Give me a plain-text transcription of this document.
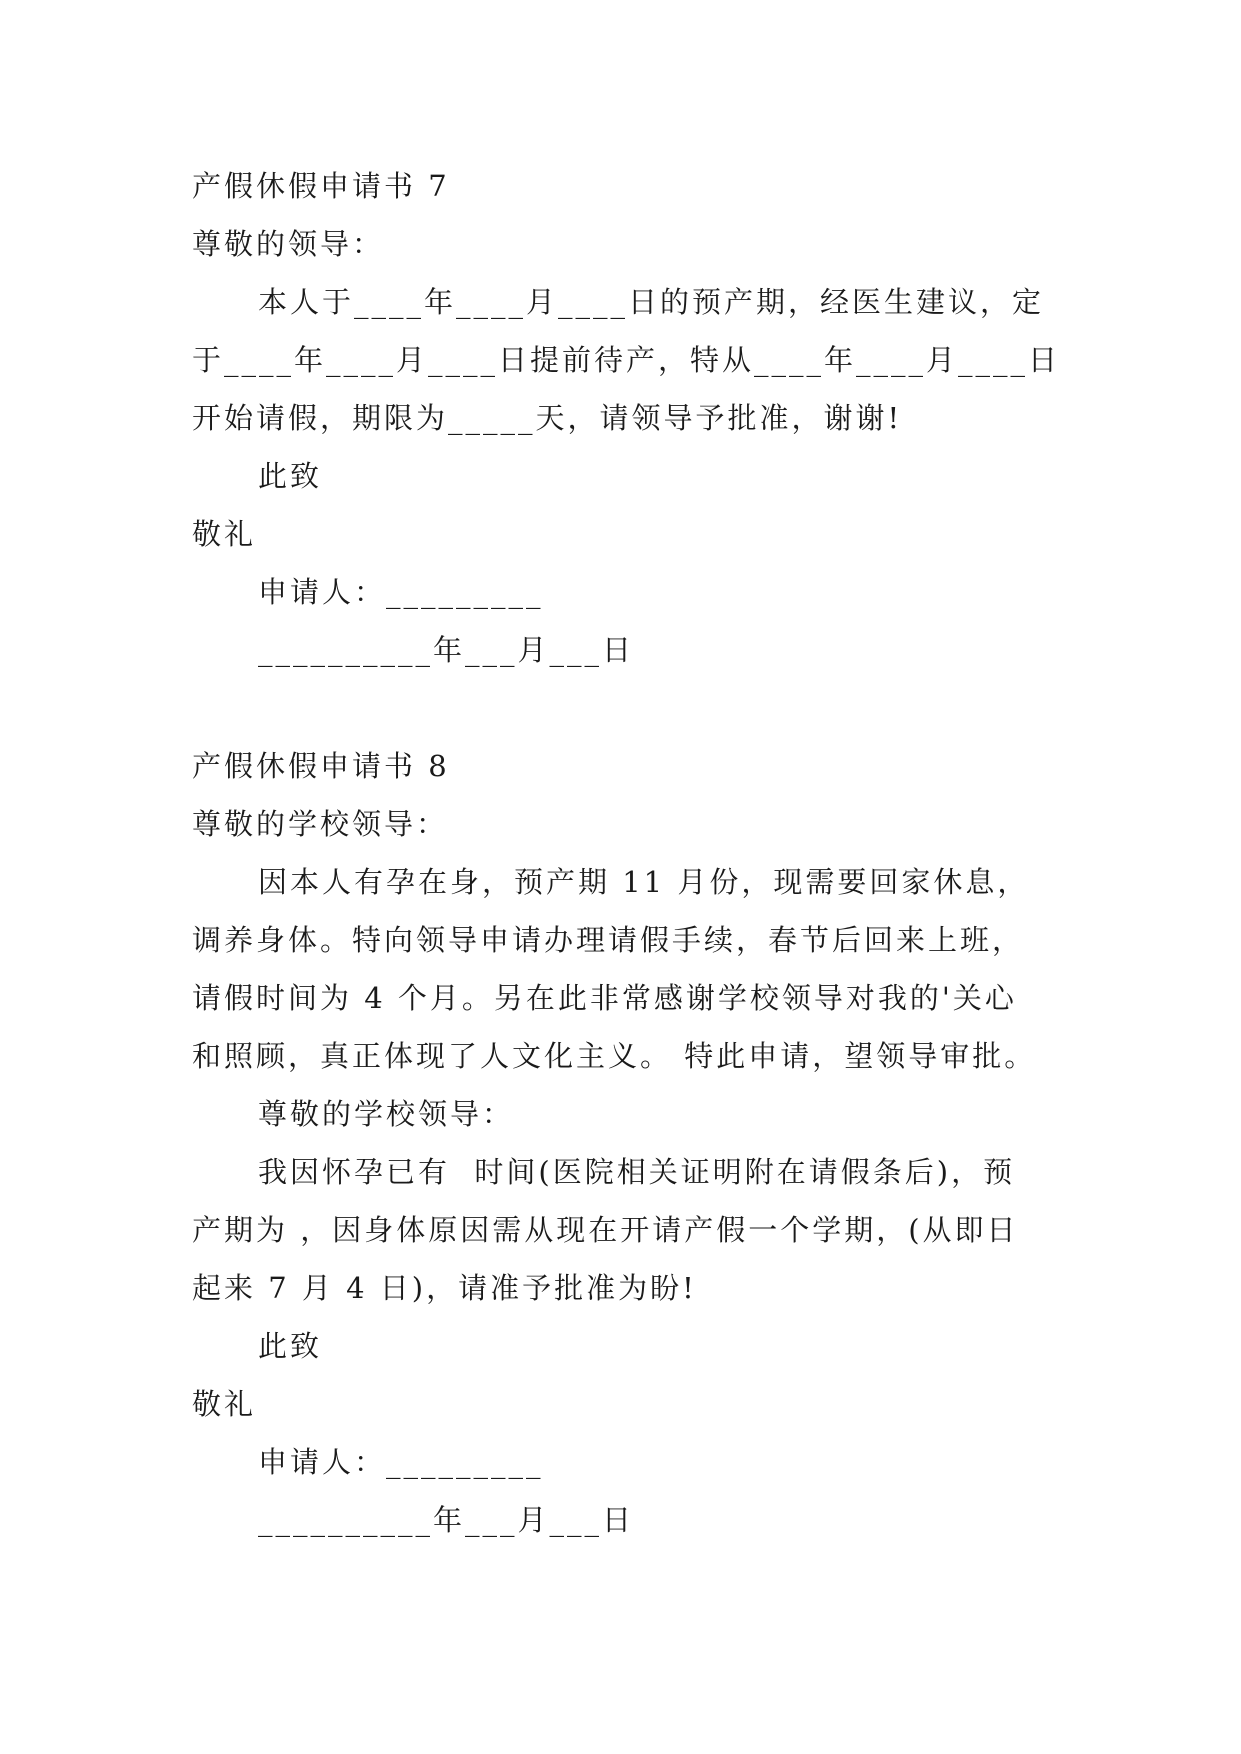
产假休假申请书 7
尊敬的领导：
本人于____年____月____日的预产期，经医生建议，定
于____年____月____日提前待产，特从____年____月____日
开始请假，期限为_____天，请领导予批准，谢谢!
此致
敬礼
申请人：_________
__________年___月___日
产假休假申请书 8
尊敬的学校领导：
因本人有孕在身，预产期 11 月份，现需要回家休息，
调养身体。特向领导申请办理请假手续，春节后回来上班，
请假时间为 4 个月。另在此非常感谢学校领导对我的'关心
和照顾，真正体现了人文化主义。 特此申请，望领导审批。
尊敬的学校领导：
我因怀孕已有  时间(医院相关证明附在请假条后)，预
产期为 ，因身体原因需从现在开请产假一个学期，(从即日
起来 7 月 4 日)，请准予批准为盼!
此致
敬礼
申请人：_________
__________年___月___日
